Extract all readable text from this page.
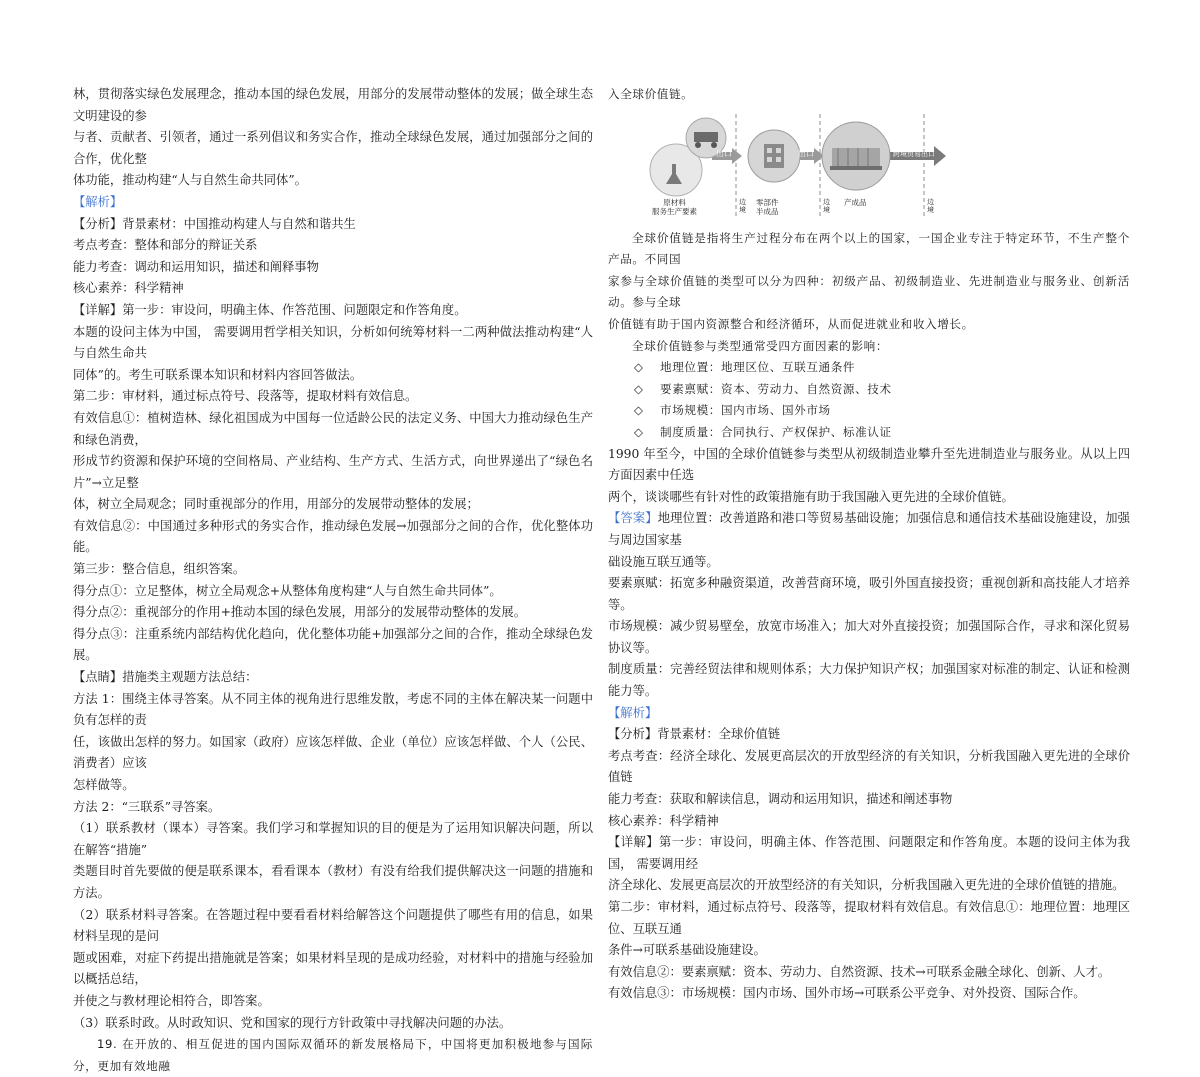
林，贯彻落实绿色发展理念，推动本国的绿色发展，用部分的发展带动整体的发展；做全球生态文明建设的参

与者、贡献者、引领者，通过一系列倡议和务实合作，推动全球绿色发展，通过加强部分之间的合作，优化整

体功能，推动构建“人与自然生命共同体”。

【解析】

【分析】背景素材：中国推动构建人与自然和谐共生

考点考查：整体和部分的辩证关系

能力考查：调动和运用知识，描述和阐释事物

核心素养：科学精神

【详解】第一步：审设问，明确主体、作答范围、问题限定和作答角度。

本题的设问主体为中国， 需要调用哲学相关知识，分析如何统筹材料一二两种做法推动构建“人与自然生命共

同体”的。考生可联系课本知识和材料内容回答做法。

第二步：审材料，通过标点符号、段落等，提取材料有效信息。

有效信息①：植树造林、绿化祖国成为中国每一位适龄公民的法定义务、中国大力推动绿色生产和绿色消费，

形成节约资源和保护环境的空间格局、产业结构、生产方式、生活方式，向世界递出了“绿色名片”→立足整

体，树立全局观念；同时重视部分的作用，用部分的发展带动整体的发展；

有效信息②：中国通过多种形式的务实合作，推动绿色发展→加强部分之间的合作，优化整体功能。

第三步：整合信息，组织答案。

得分点①：立足整体，树立全局观念+从整体角度构建“人与自然生命共同体”。

得分点②：重视部分的作用+推动本国的绿色发展，用部分的发展带动整体的发展。

得分点③：注重系统内部结构优化趋向，优化整体功能+加强部分之间的合作，推动全球绿色发展。

【点睛】措施类主观题方法总结：

方法 1：围绕主体寻答案。从不同主体的视角进行思维发散，考虑不同的主体在解决某一问题中负有怎样的责

任，该做出怎样的努力。如国家（政府）应该怎样做、企业（单位）应该怎样做、个人（公民、消费者）应该

怎样做等。

方法 2：“三联系”寻答案。

（1）联系教材（课本）寻答案。我们学习和掌握知识的目的便是为了运用知识解决问题，所以在解答“措施”

类题目时首先要做的便是联系课本，看看课本（教材）有没有给我们提供解决这一问题的措施和方法。

（2）联系材料寻答案。在答题过程中要看看材料给解答这个问题提供了哪些有用的信息，如果材料呈现的是问

题或困难，对症下药提出措施就是答案；如果材料呈现的是成功经验，对材料中的措施与经验加以概括总结，

并使之与教材理论相符合，即答案。

（3）联系时政。从时政知识、党和国家的现行方针政策中寻找解决问题的办法。

19. 在开放的、相互促进的国内国际双循环的新发展格局下，中国将更加积极地参与国际分，更加有效地融

入全球价值链。

出口	出口	跨境贸易出口
原材料
服务生产要素
零部件
半成品
产成品
边
境
边
境
边
境

全球价值链是指将生产过程分布在两个以上的国家，一国企业专注于特定环节，不生产整个产品。不同国

家参与全球价值链的类型可以分为四种：初级产品、初级制造业、先进制造业与服务业、创新活动。参与全球

价值链有助于国内资源整合和经济循环，从而促进就业和收入增长。

全球价值链参与类型通常受四方面因素的影响：

◇ 地理位置：地理区位、互联互通条件

◇ 要素禀赋：资本、劳动力、自然资源、技术

◇ 市场规模：国内市场、国外市场

◇ 制度质量：合同执行、产权保护、标准认证

1990 年至今，中国的全球价值链参与类型从初级制造业攀升至先进制造业与服务业。从以上四方面因素中任选

两个，谈谈哪些有针对性的政策措施有助于我国融入更先进的全球价值链。

【答案】地理位置：改善道路和港口等贸易基础设施；加强信息和通信技术基础设施建设，加强与周边国家基

础设施互联互通等。

要素禀赋：拓宽多种融资渠道，改善营商环境，吸引外国直接投资；重视创新和高技能人才培养等。

市场规模：减少贸易壁垒，放宽市场准入；加大对外直接投资；加强国际合作，寻求和深化贸易协议等。

制度质量：完善经贸法律和规则体系；大力保护知识产权；加强国家对标准的制定、认证和检测能力等。

【解析】

【分析】背景素材：全球价值链

考点考查：经济全球化、发展更高层次的开放型经济的有关知识，分析我国融入更先进的全球价值链

能力考查：获取和解读信息，调动和运用知识，描述和阐述事物

核心素养：科学精神

【详解】第一步：审设问，明确主体、作答范围、问题限定和作答角度。本题的设问主体为我国， 需要调用经

济全球化、发展更高层次的开放型经济的有关知识，分析我国融入更先进的全球价值链的措施。

第二步：审材料，通过标点符号、段落等，提取材料有效信息。有效信息①：地理位置：地理区位、互联互通

条件→可联系基础设施建设。

有效信息②：要素禀赋：资本、劳动力、自然资源、技术→可联系金融全球化、创新、人才。

有效信息③：市场规模：国内市场、国外市场→可联系公平竞争、对外投资、国际合作。
